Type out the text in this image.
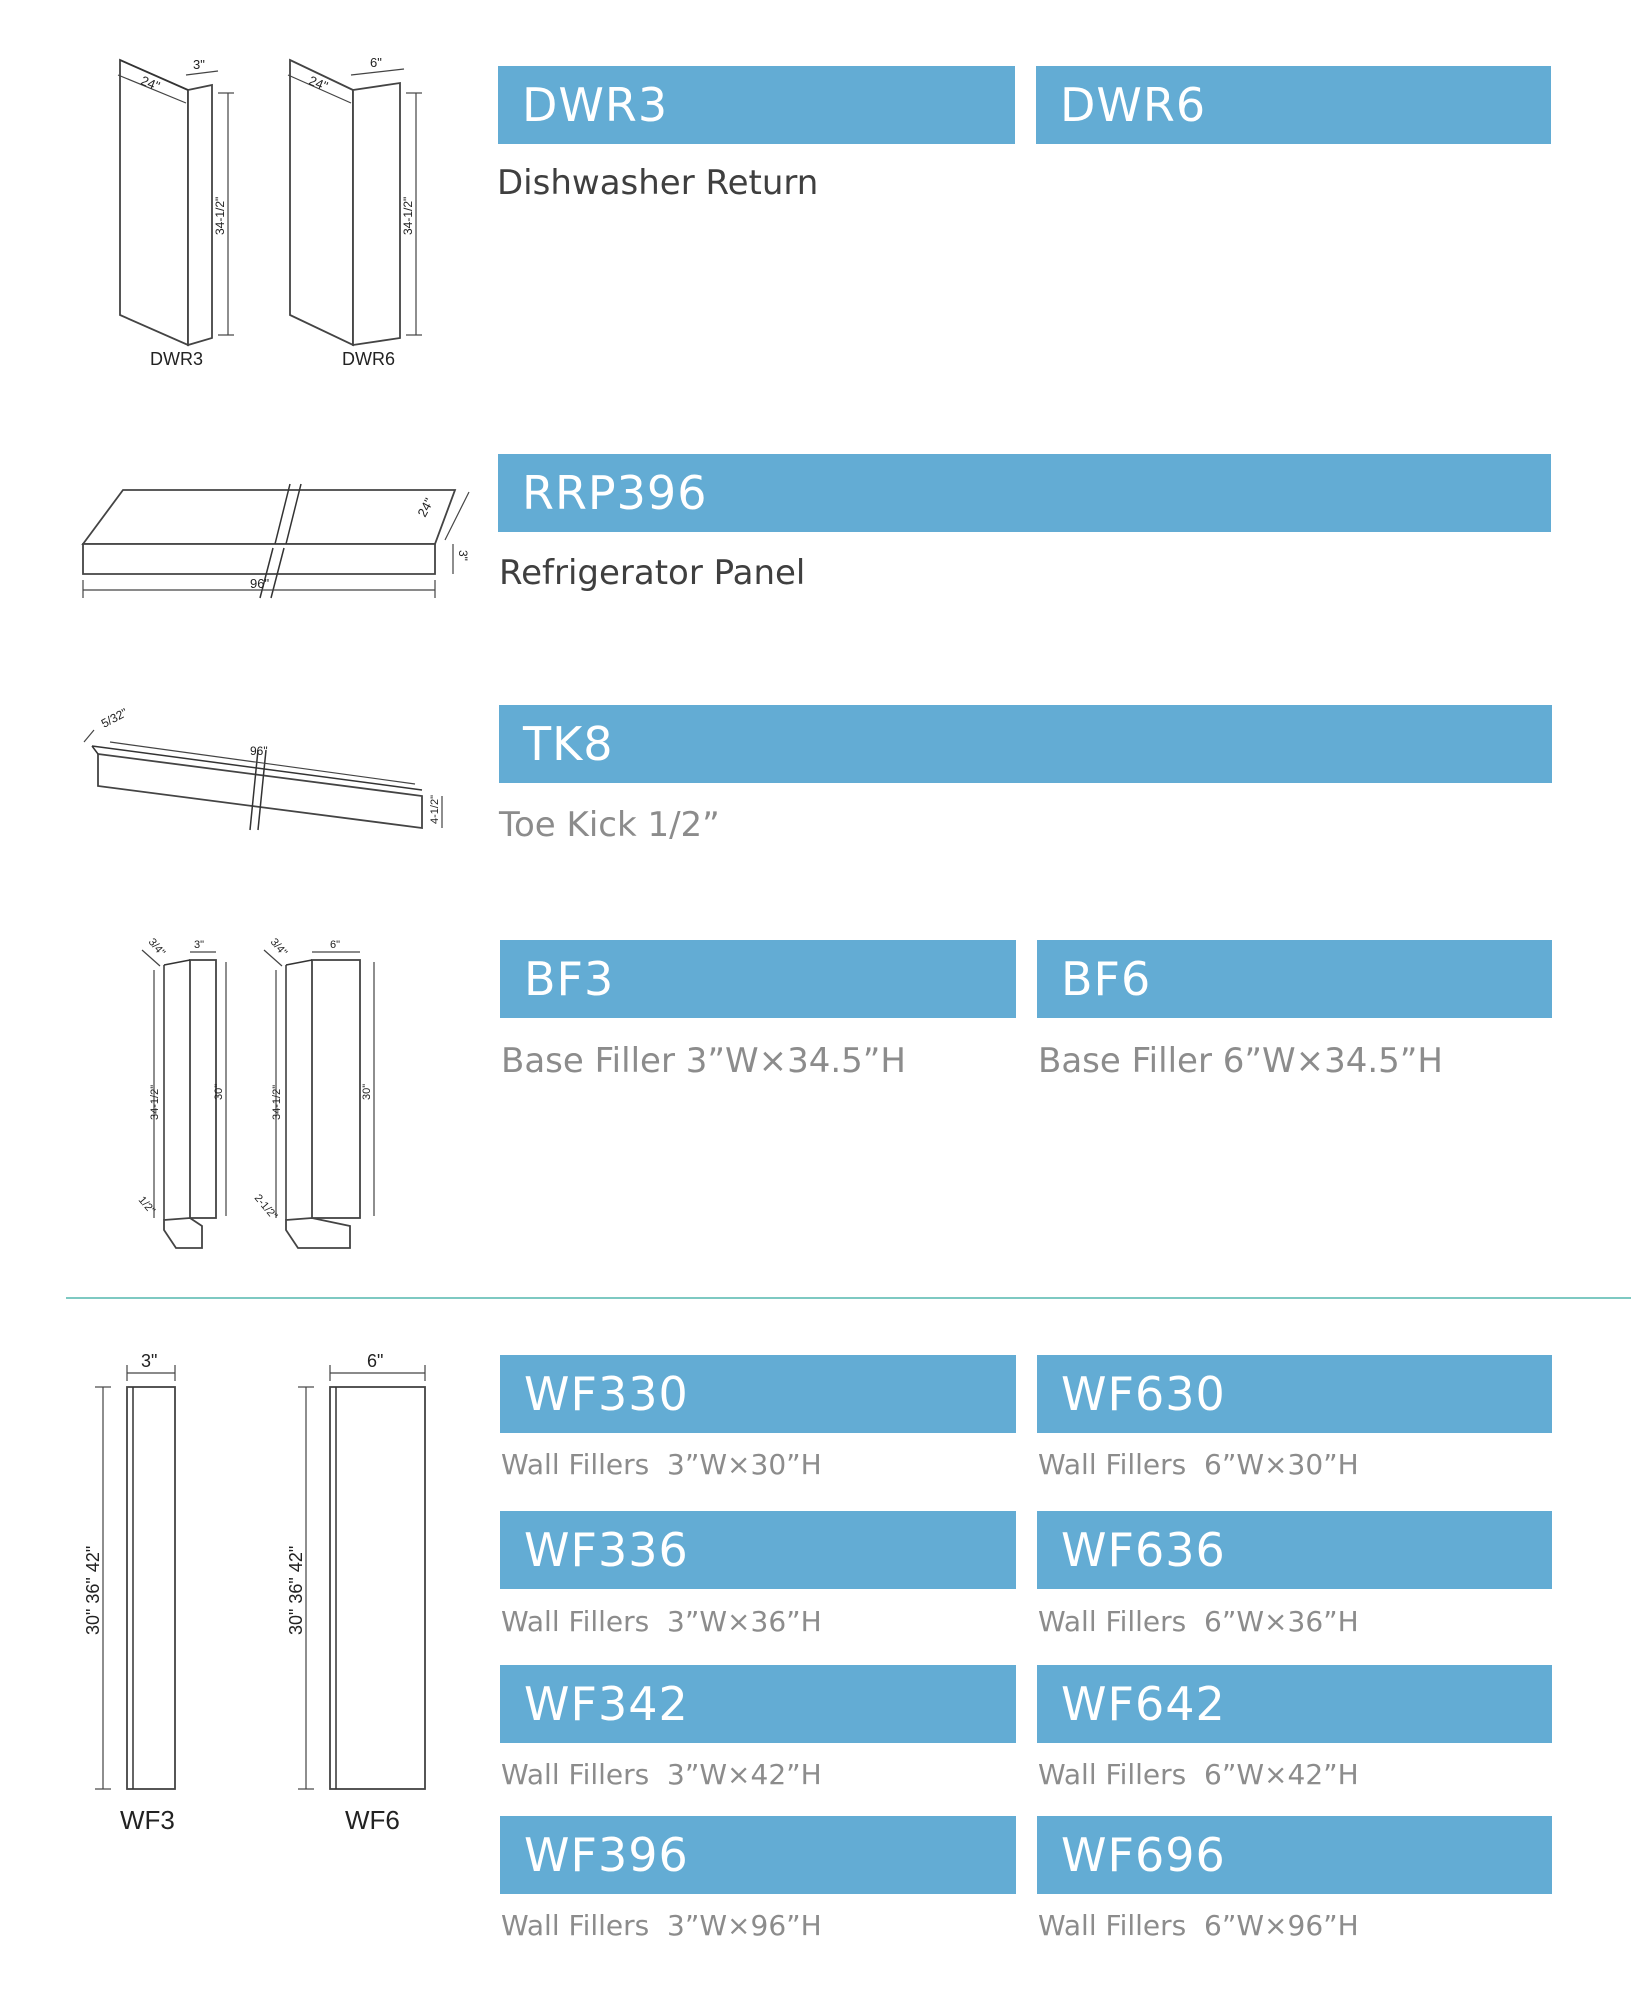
24"
3"
34-1/2"
DWR3
24"
6"
34-1/2"
DWR6
DWR3	DWR6
Dishwasher Return
96"
24"
3"
RRP396
Refrigerator Panel
96"
5/32"
4-1/2"
TK8
Toe Kick 1/2”
3/4" 3"
34-1/2"	30"
1/2"
3/4"	6"
34-1/2"	30"
2-1/2"
BF3	BF6
Base Filler 3”W×34.5”H	Base Filler 6”W×34.5”H
3"
30" 36" 42"
WF3
6"
30" 36" 42"
WF6
WF330	WF630
Wall Fillers  3”W×30”H	Wall Fillers  6”W×30”H
WF336	WF636
Wall Fillers  3”W×36”H	Wall Fillers  6”W×36”H
WF342	WF642
Wall Fillers  3”W×42”H	Wall Fillers  6”W×42”H
WF396	WF696
Wall Fillers  3”W×96”H	Wall Fillers  6”W×96”H
